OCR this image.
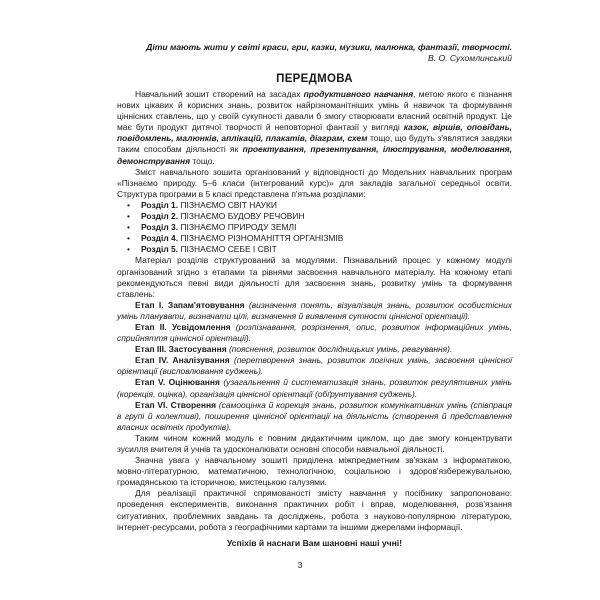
Діти мають жити у світі краси, гри, казки, музики, малюнка, фантазії, творчості.
В. О. Сухомлинський
ПЕРЕДМОВА

Навчальний зошит створений на засадах продуктивного навчання, метою якого є пізнання нових цікавих й корисних знань, розвиток найрізноманітніших умінь й навичок та формування ціннісних ставлень, що у своїй сукупності давали б змогу створювати власний освітній продукт. Це має бути продукт дитячої творчості й неповторної фантазії у вигляді казок, віршів, оповідань, повідомлень, малюнків, аплікацій, плакатів, діаграм, схем тощо, що будуть з'являтися завдяки таким способам діяльності як проектування, презентування, ілюстрування, моделювання, демонстрування тощо.

Зміст навчального зошита організований у відповідності до Модельних навчальних програм «Пізнаємо природу. 5–6 класи (інтегрований курс)» для закладів загальної середньої освіти. Структура програми в 5 класі представлена п'ятьма розділами:

• Розділ 1. ПІЗНАЄМО СВІТ НАУКИ
• Розділ 2. ПІЗНАЄМО БУДОВУ РЕЧОВИН
• Розділ 3. ПІЗНАЄМО ПРИРОДУ ЗЕМЛІ
• Розділ 4. ПІЗНАЄМО РІЗНОМАНІТТЯ ОРГАНІЗМІВ
• Розділ 5. ПІЗНАЄМО СЕБЕ І СВІТ

Матеріал розділів структурований за модулями. Пізнавальний процес у кожному модулі організований згідно з етапами та рівнями засвоєння навчального матеріалу. На кожному етапі рекомендуються певні види діяльності для засвоєння знань, розвитку умінь та формування ставлень:

Етап І. Запам'ятовування (визначення понять, візуалізація знань, розвиток особистісних умінь планувати, визначати цілі, визначення й виявлення сутності ціннісної орієнтації).

Етап ІІ. Усвідомлення (розпізнавання, розрізнення, опис, розвиток інформаційних умінь, сприйняття ціннісної орієнтації).

Етап ІІІ. Застосування (пояснення, розвиток дослідницьких умінь, реагування).

Етап IV. Аналізування (перетворення знань, розвиток логічних умінь, засвоєння ціннісної орієнтації (висловлювання суджень).

Етап V. Оцінювання (узагальнення й систематизація знань, розвиток регулятивних умінь (корекція, оцінка), організація ціннісної орієнтації (обґрунтування суджень).

Етап VI. Створення (самооцінка й корекція знань, розвиток комунікативних умінь (співпраця в групі й колективі), поширення ціннісної орієнтації на діяльність (створення й представлення власних освітніх продуктів).

Таким чином кожний модуль є повним дидактичним циклом, що дає змогу концентрувати зусилля вчителя й учнів та удосконалювати основні способи навчальної діяльності.

Значна увага у навчальному зошиті приділена міжпредметним зв'язкам з інформатикою, мовно-літературною, математичною, технологічною, соціальною і здоров'язбережувальною, громадянською та історичною, мистецькою галузями.

Для реалізації практичної спрямованості змісту навчання у посібнику запропоновано: проведення експериментів, виконання практичних робіт і вправ, моделювання, розв'язання ситуативних, проблемних завдань та досліджень, робота з науково-популярною літературою, інтернет-ресурсами, робота з географічними картами та іншими джерелами інформації.

Успіхів й наснаги Вам шановні наші учні!
3
